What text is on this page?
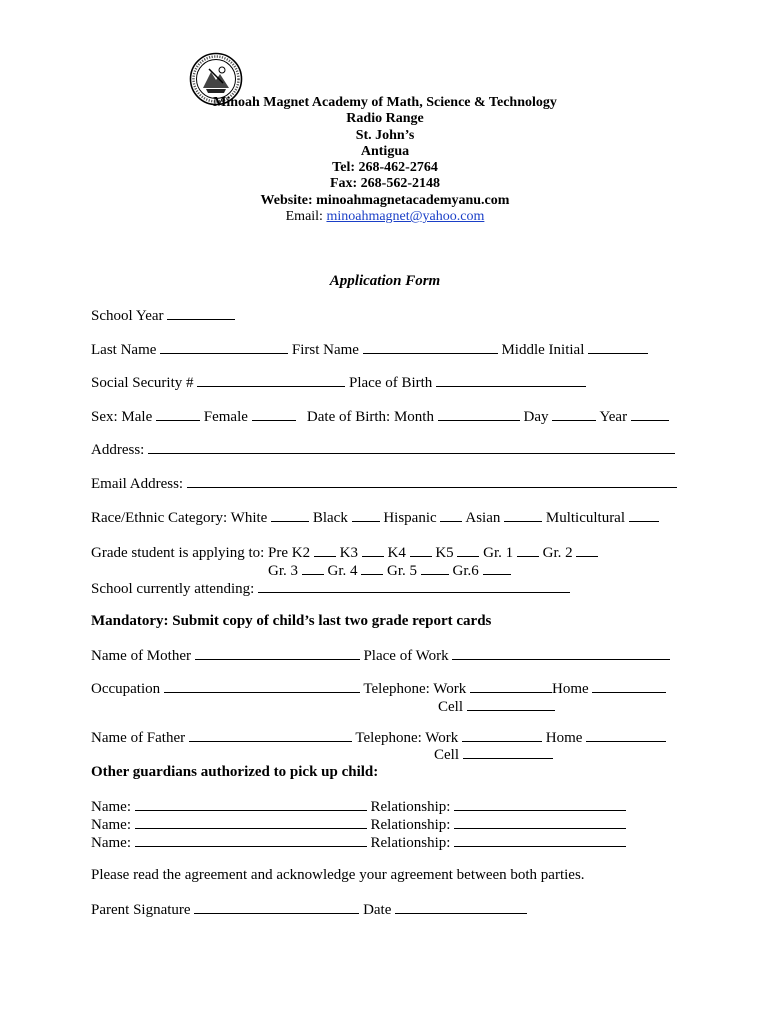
Minoah Magnet Academy of Math, Science & Technology
Radio Range
St. John’s
Antigua
Tel: 268-462-2764
Fax: 268-562-2148
Website: minoahmagnetacademyanu.com
Email: minoahmagnet@yahoo.com
Application Form
School Year
Last Name	First Name	Middle Initial
Social Security #	Place of Birth
Sex: Male	Female	Date of Birth: Month	Day	Year
Address:
Email Address:
Race/Ethnic Category: White	Black Hispanic Asian	Multicultural
Grade student is applying to: Pre K2 K3 K4 K5 Gr. 1 Gr. 2
Gr. 3 Gr. 4 Gr. 5 Gr.6
School currently attending:
Mandatory: Submit copy of child’s last two grade report cards
Name of Mother	Place of Work
Occupation	Telephone: Work	Home
Cell
Name of Father	Telephone: Work	Home
Cell
Other guardians authorized to pick up child:
Name:	Relationship:
Name:	Relationship:
Name:	Relationship:
Please read the agreement and acknowledge your agreement between both parties.
Parent Signature	Date
